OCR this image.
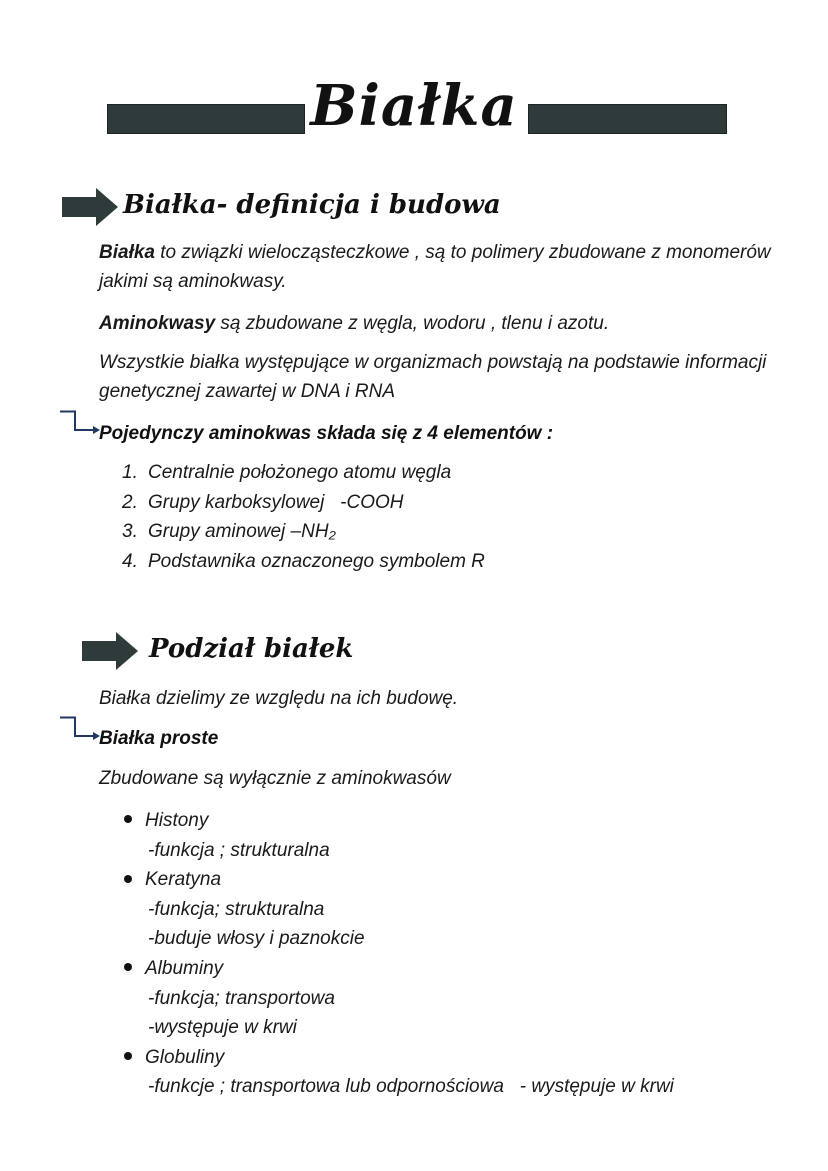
Białka
Białka- definicja i budowa

Białka to związki wielocząsteczkowe , są to polimery zbudowane z monomerów jakimi są aminokwasy.

Aminokwasy są zbudowane z węgla, wodoru , tlenu i azotu.

Wszystkie białka występujące w organizmach powstają na podstawie informacji genetycznej zawartej w DNA i RNA

Pojedynczy aminokwas składa się z 4 elementów :
1. Centralnie położonego atomu węgla
2. Grupy karboksylowej   -COOH
3. Grupy aminowej –NH₂
4. Podstawnika oznaczonego symbolem R
Podział białek

Białka dzielimy ze względu na ich budowę.

Białka proste

Zbudowane są wyłącznie z aminokwasów

Histony
-funkcja ; strukturalna
Keratyna
-funkcja; strukturalna
-buduje włosy i paznokcie
Albuminy
-funkcja; transportowa
-występuje w krwi
Globuliny
-funkcje ; transportowa lub odpornościowa   - występuje w krwi
